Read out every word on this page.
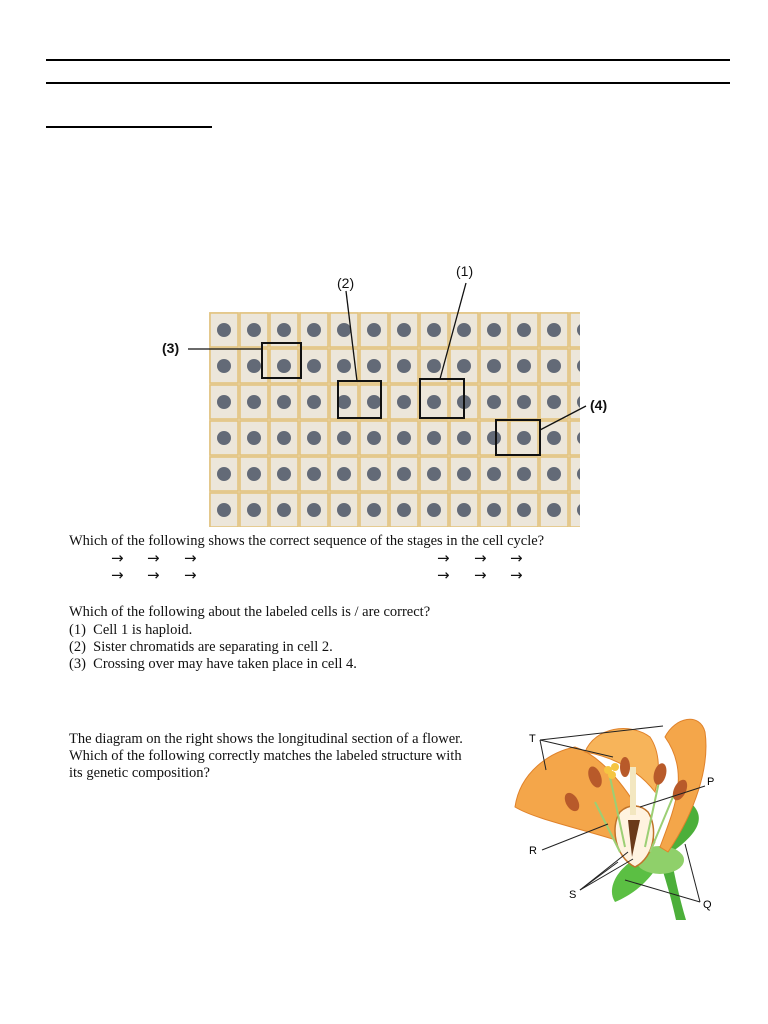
(1)
(2)
(3)
(4)
Which of the following shows the correct sequence of the stages in the cell cycle?
→ → →	→ → →
→ → →	→ → →
Which of the following about the labeled cells is / are correct?
(1)  Cell 1 is haploid.
(2)  Sister chromatids are separating in cell 2.
(3)  Crossing over may have taken place in cell 4.
The diagram on the right shows the longitudinal section of a flower.
Which of the following correctly matches the labeled structure with
its genetic composition?
T
P
R
S
Q
